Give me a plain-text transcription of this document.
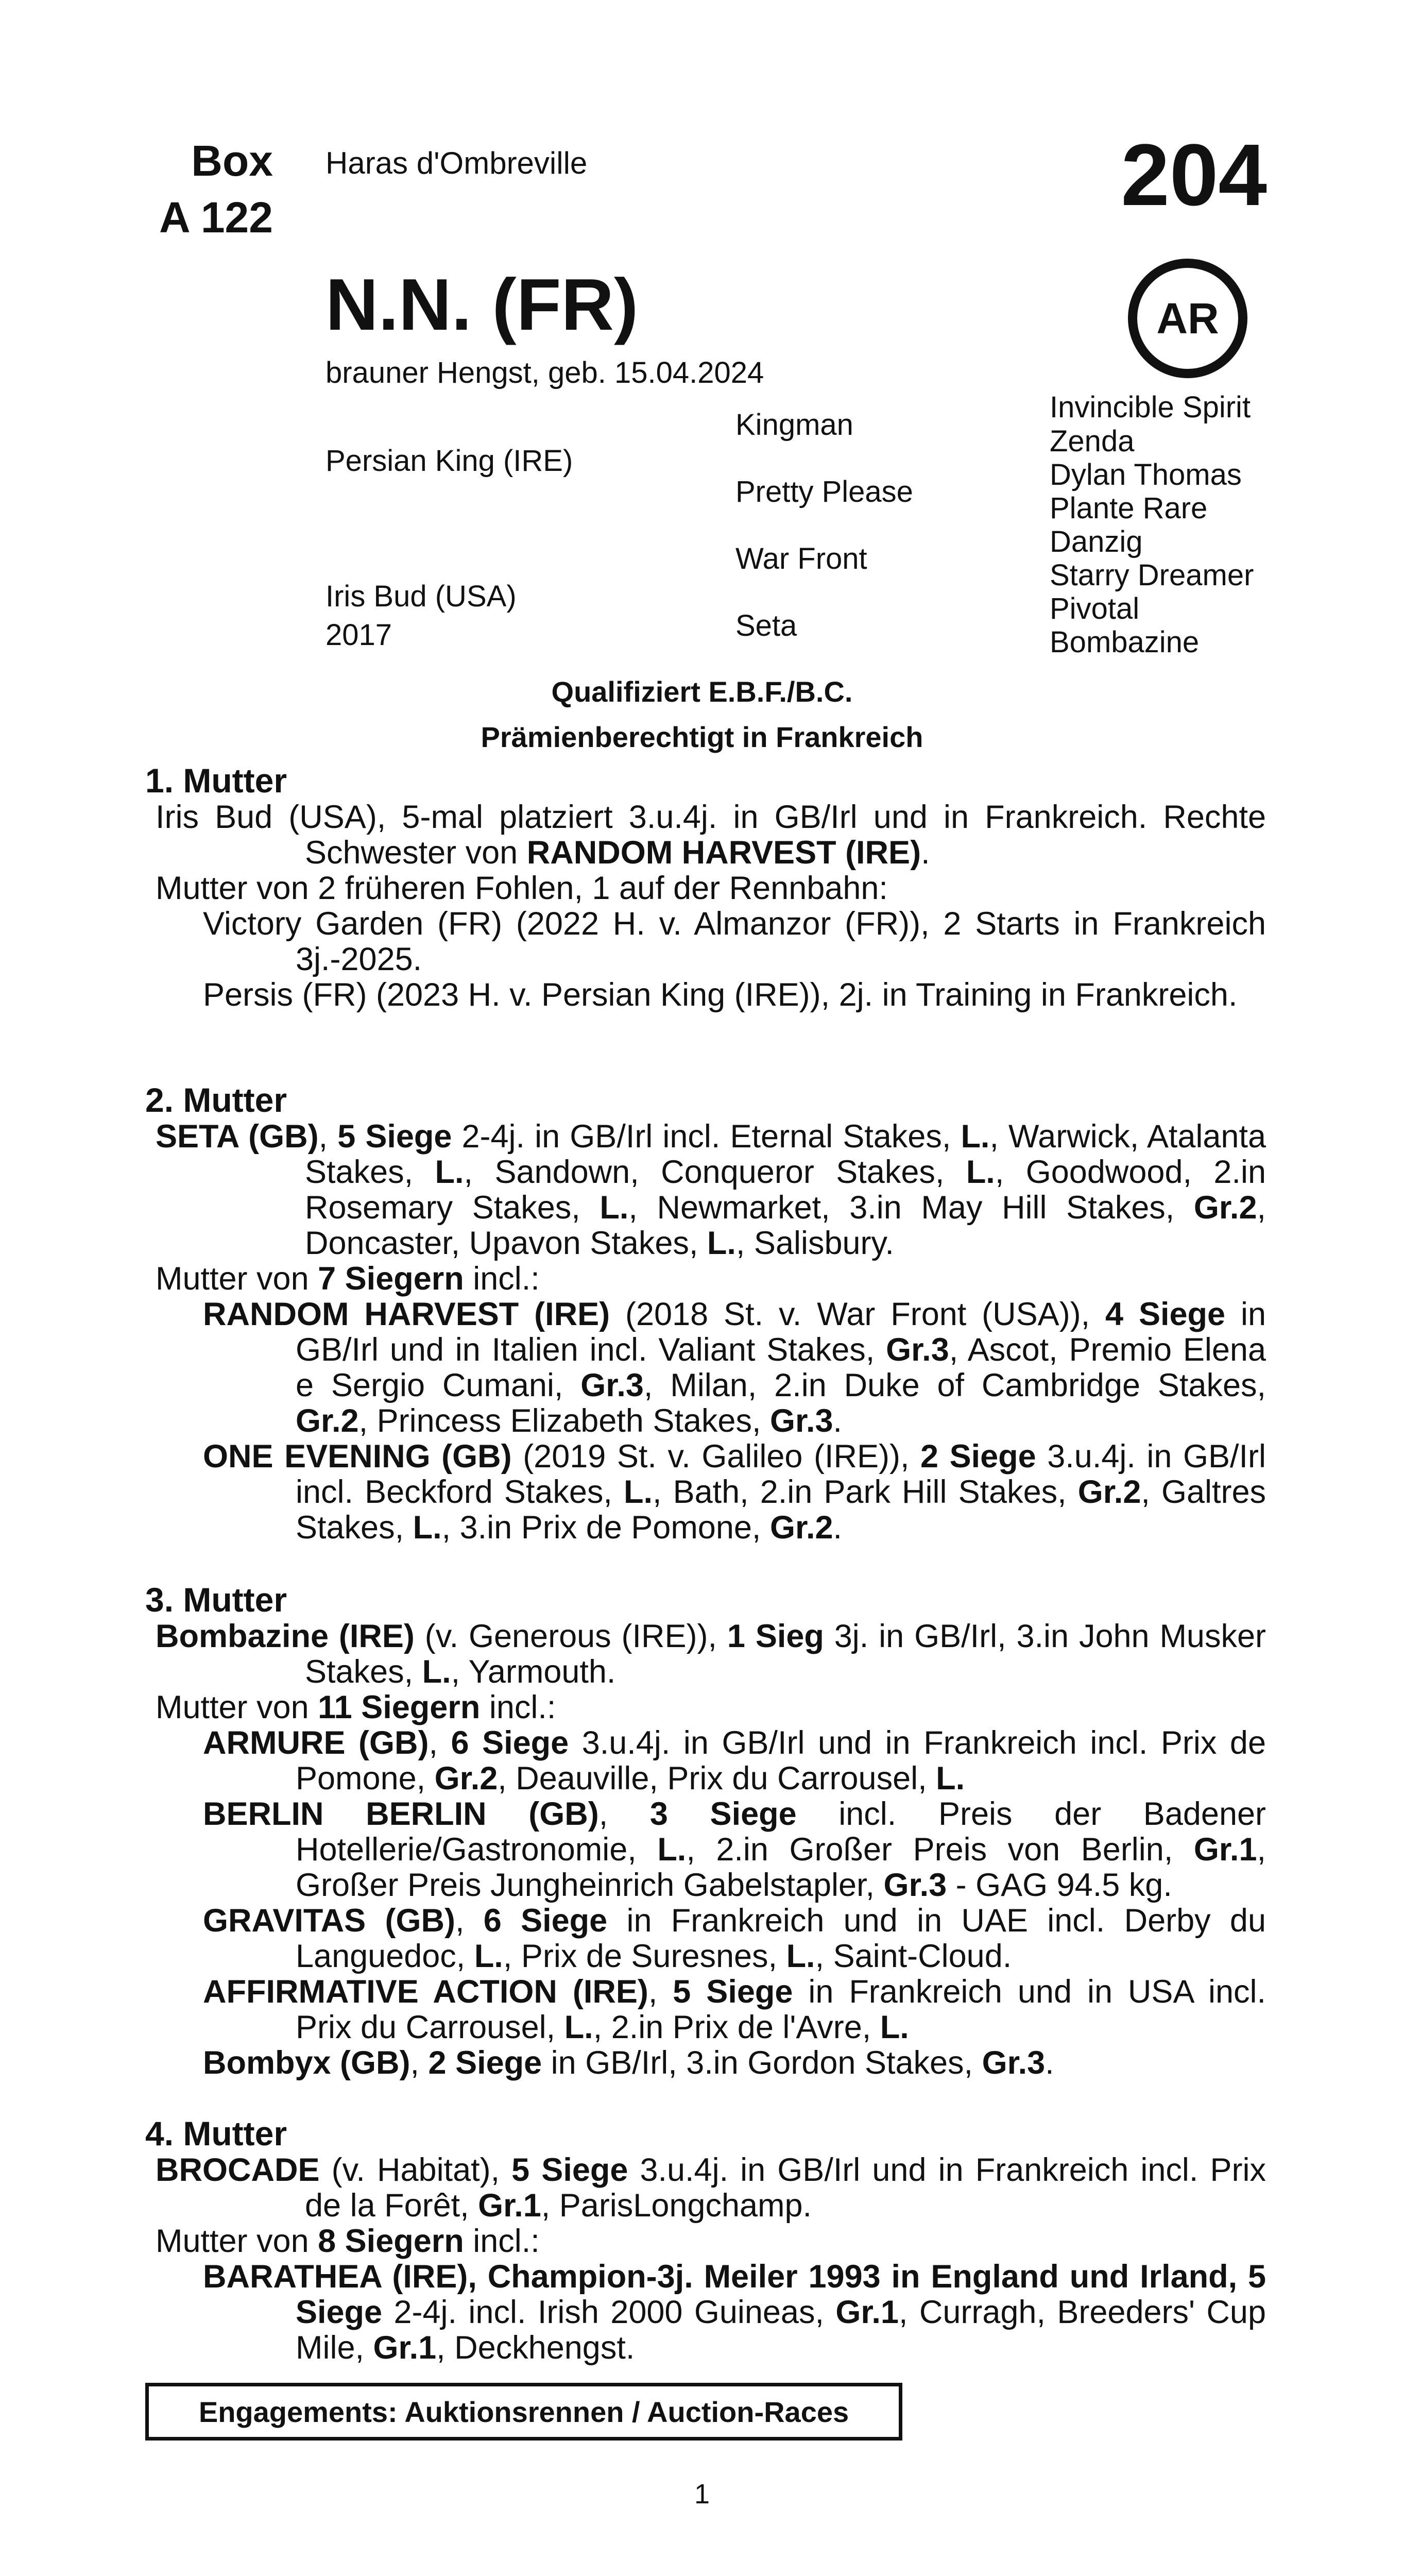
Box
A 122
Haras d'Ombreville	204
AR
N.N. (FR)
brauner Hengst, geb. 15.04.2024
Persian King (IRE)
Iris Bud (USA)
2017
Kingman
Pretty Please
War Front
Seta
Invincible Spirit
Zenda
Dylan Thomas
Plante Rare
Danzig
Starry Dreamer
Pivotal
Bombazine
Qualifiziert E.B.F./B.C.
Prämienberechtigt in Frankreich

1. Mutter

Iris Bud (USA), 5-mal platziert 3.u.4j. in GB/Irl und in Frankreich. Rechte Schwester von RANDOM HARVEST (IRE).

Mutter von 2 früheren Fohlen, 1 auf der Rennbahn:

Victory Garden (FR) (2022 H. v. Almanzor (FR)), 2 Starts in Frankreich 3j.-2025.

Persis (FR) (2023 H. v. Persian King (IRE)), 2j. in Training in Frankreich.

2. Mutter

SETA (GB), 5 Siege 2-4j. in GB/Irl incl. Eternal Stakes, L., Warwick, Atalanta Stakes, L., Sandown, Conqueror Stakes, L., Goodwood, 2.in Rosemary Stakes, L., Newmarket, 3.in May Hill Stakes, Gr.2, Doncaster, Upavon Stakes, L., Salisbury.

Mutter von 7 Siegern incl.:

RANDOM HARVEST (IRE) (2018 St. v. War Front (USA)), 4 Siege in GB/Irl und in Italien incl. Valiant Stakes, Gr.3, Ascot, Premio Elena e Sergio Cumani, Gr.3, Milan, 2.in Duke of Cambridge Stakes, Gr.2, Princess Elizabeth Stakes, Gr.3.

ONE EVENING (GB) (2019 St. v. Galileo (IRE)), 2 Siege 3.u.4j. in GB/Irl incl. Beckford Stakes, L., Bath, 2.in Park Hill Stakes, Gr.2, Galtres Stakes, L., 3.in Prix de Pomone, Gr.2.

3. Mutter

Bombazine (IRE) (v. Generous (IRE)), 1 Sieg 3j. in GB/Irl, 3.in John Musker Stakes, L., Yarmouth.

Mutter von 11 Siegern incl.:

ARMURE (GB), 6 Siege 3.u.4j. in GB/Irl und in Frankreich incl. Prix de Pomone, Gr.2, Deauville, Prix du Carrousel, L.

BERLIN BERLIN (GB), 3 Siege incl. Preis der Badener Hotellerie/Gastronomie, L., 2.in Großer Preis von Berlin, Gr.1, Großer Preis Jungheinrich Gabelstapler, Gr.3 - GAG 94.5 kg.

GRAVITAS (GB), 6 Siege in Frankreich und in UAE incl. Derby du Languedoc, L., Prix de Suresnes, L., Saint-Cloud.

AFFIRMATIVE ACTION (IRE), 5 Siege in Frankreich und in USA incl. Prix du Carrousel, L., 2.in Prix de l'Avre, L.

Bombyx (GB), 2 Siege in GB/Irl, 3.in Gordon Stakes, Gr.3.

4. Mutter

BROCADE (v. Habitat), 5 Siege 3.u.4j. in GB/Irl und in Frankreich incl. Prix de la Forêt, Gr.1, ParisLongchamp.

Mutter von 8 Siegern incl.:

BARATHEA (IRE), Champion-3j. Meiler 1993 in England und Irland, 5 Siege 2-4j. incl. Irish 2000 Guineas, Gr.1, Curragh, Breeders' Cup Mile, Gr.1, Deckhengst.

Engagements: Auktionsrennen / Auction-Races
1
